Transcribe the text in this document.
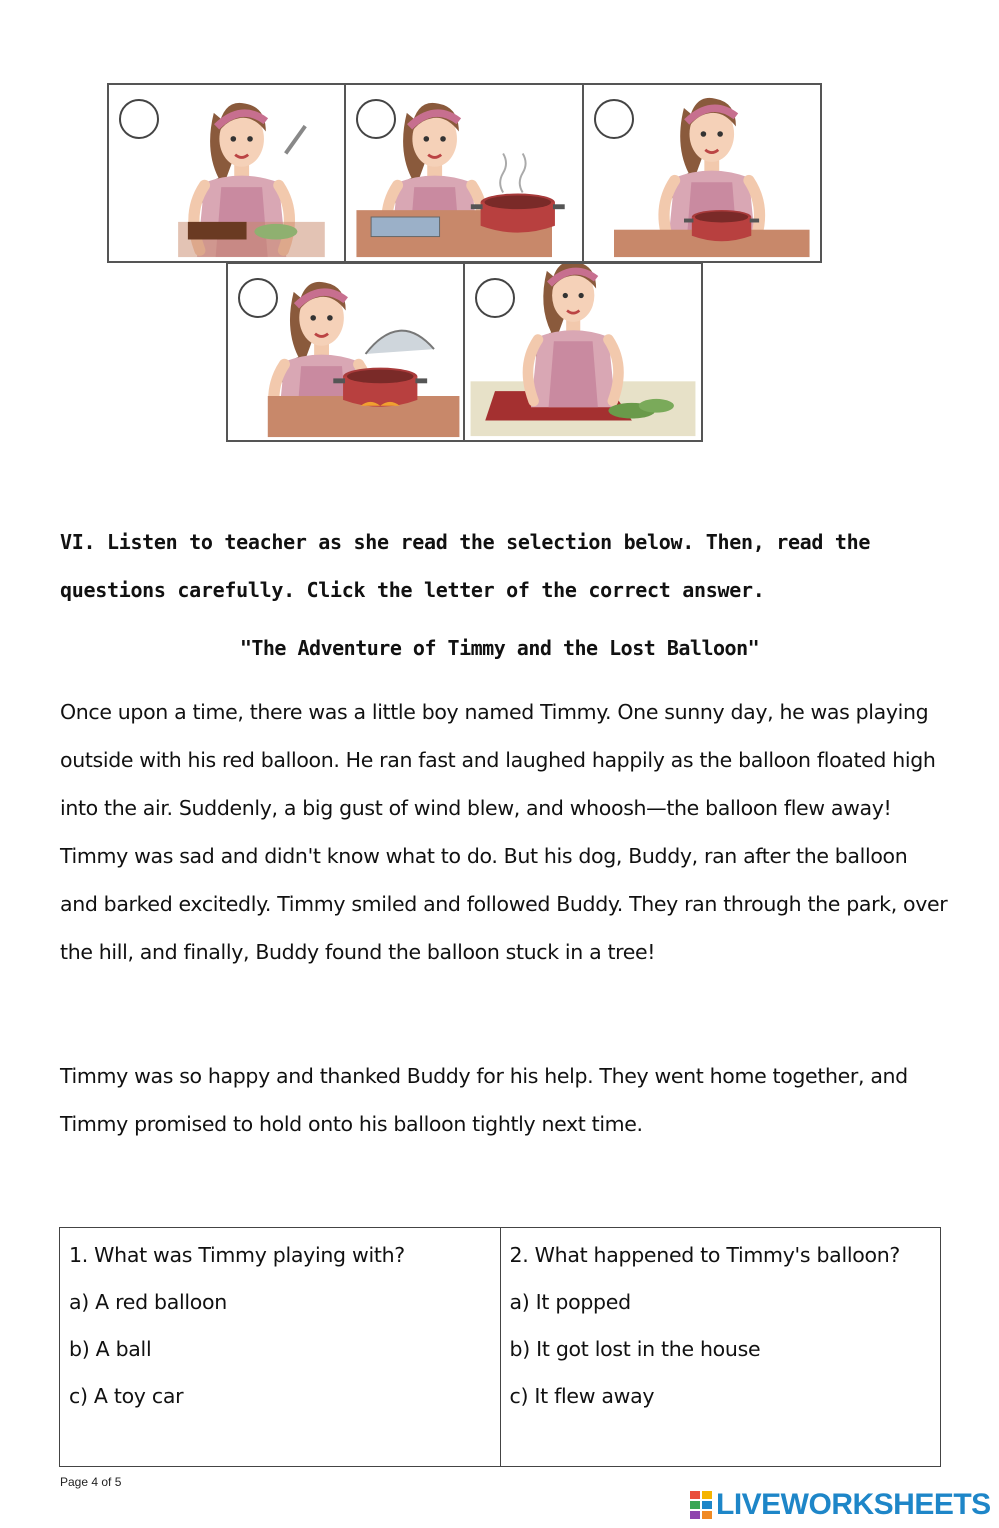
VI. Listen to teacher as she read the selection below. Then, read the
questions carefully. Click the letter of the correct answer.
"The Adventure of Timmy and the Lost Balloon"

Once upon a time, there was a little boy named Timmy. One sunny day, he was playing outside with his red balloon. He ran fast and laughed happily as the balloon floated high into the air. Suddenly, a big gust of wind blew, and whoosh—the balloon flew away! Timmy was sad and didn't know what to do. But his dog, Buddy, ran after the balloon and barked excitedly. Timmy smiled and followed Buddy. They ran through the park, over the hill, and finally, Buddy found the balloon stuck in a tree!

Timmy was so happy and thanked Buddy for his help. They went home together, and Timmy promised to hold onto his balloon tightly next time.

1. What was Timmy playing with?
a) A red balloon
b) A ball
c) A toy car
2. What happened to Timmy's balloon?
a) It popped
b) It got lost in the house
c) It flew away
Page 4 of 5
LIVEWORKSHEETS
